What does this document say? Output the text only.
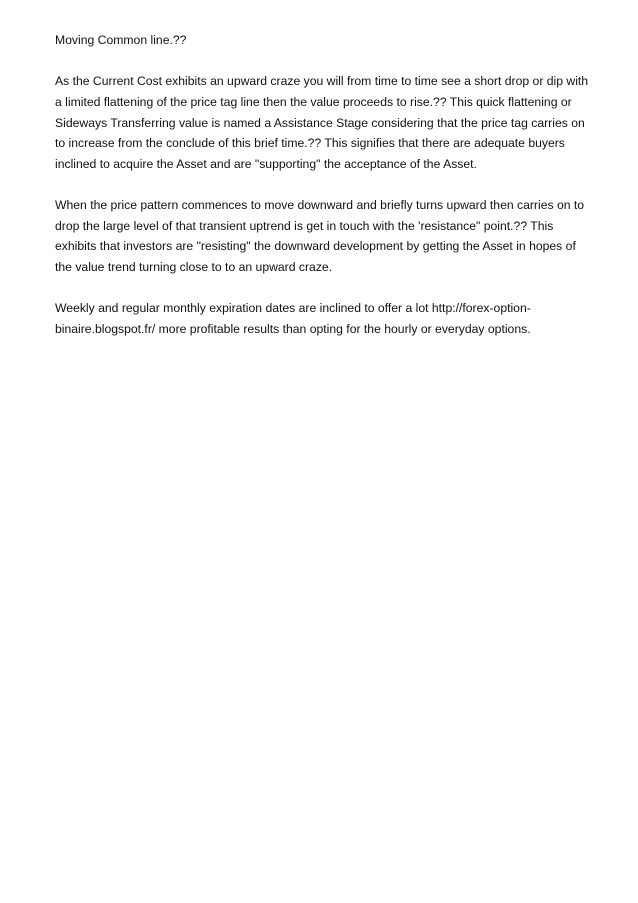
Moving Common line.??

As the Current Cost exhibits an upward craze you will from time to time see a short drop or dip with a limited flattening of the price tag line then the value proceeds to rise.?? This quick flattening or Sideways Transferring value is named a Assistance Stage considering that the price tag carries on to increase from the conclude of this brief time.?? This signifies that there are adequate buyers inclined to acquire the Asset and are "supporting" the acceptance of the Asset.

When the price pattern commences to move downward and briefly turns upward then carries on to drop the large level of that transient uptrend is get in touch with the 'resistance" point.?? This exhibits that investors are "resisting" the downward development by getting the Asset in hopes of the value trend turning close to to an upward craze.

Weekly and regular monthly expiration dates are inclined to offer a lot http://forex-option-binaire.blogspot.fr/ more profitable results than opting for the hourly or everyday options.
